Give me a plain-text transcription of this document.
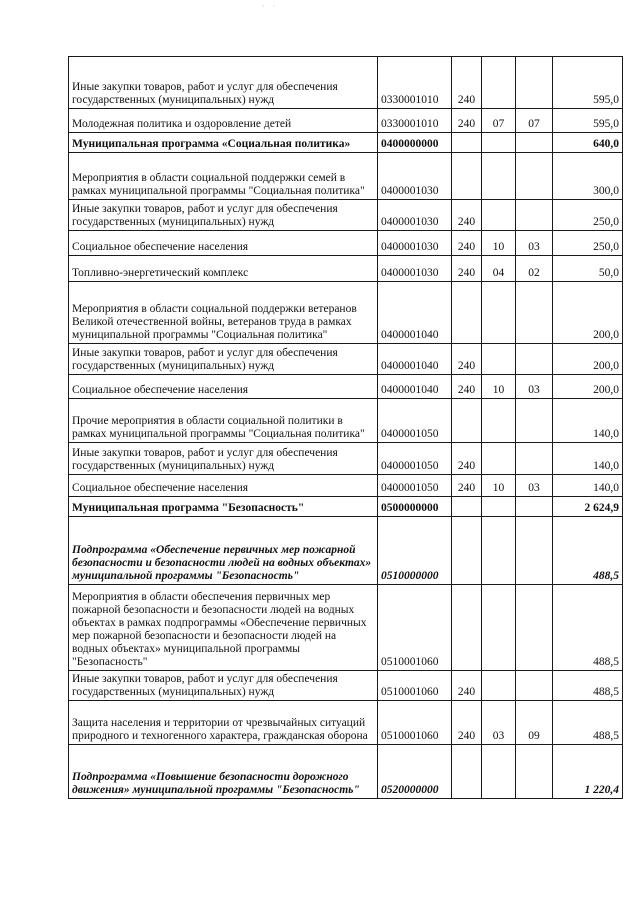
· ·
Иные закупки товаров, работ и услуг для обеспечения государственных (муниципальных) нужд	0330001010	240			595,0
Молодежная политика и оздоровление детей	0330001010	240	07	07	595,0
Муниципальная программа «Социальная политика»	0400000000				640,0
Мероприятия в области социальной поддержки семей в рамках муниципальной программы "Социальная политика"	0400001030				300,0
Иные закупки товаров, работ и услуг для обеспечения государственных (муниципальных) нужд	0400001030	240			250,0
Социальное обеспечение населения	0400001030	240	10	03	250,0
Топливно-энергетический комплекс	0400001030	240	04	02	50,0
Мероприятия в области социальной поддержки ветеранов Великой отечественной войны, ветеранов труда в рамках муниципальной программы "Социальная политика"	0400001040				200,0
Иные закупки товаров, работ и услуг для обеспечения государственных (муниципальных) нужд	0400001040	240			200,0
Социальное обеспечение населения	0400001040	240	10	03	200,0
Прочие мероприятия в области социальной политики в рамках муниципальной программы "Социальная политика"	0400001050				140,0
Иные закупки товаров, работ и услуг для обеспечения государственных (муниципальных) нужд	0400001050	240			140,0
Социальное обеспечение населения	0400001050	240	10	03	140,0
Муниципальная программа "Безопасность"	0500000000				2 624,9
Подпрограмма «Обеспечение первичных мер пожарной безопасности и безопасности людей на водных объектах» муниципальной программы "Безопасность"	0510000000				488,5
Мероприятия в области обеспечения первичных мер пожарной безопасности и безопасности людей на водных объектах в рамках подпрограммы «Обеспечение первичных мер пожарной безопасности и безопасности людей на водных объектах» муниципальной программы "Безопасность"	0510001060				488,5
Иные закупки товаров, работ и услуг для обеспечения государственных (муниципальных) нужд	0510001060	240			488,5
Защита населения и территории от чрезвычайных ситуаций природного и техногенного характера, гражданская оборона	0510001060	240	03	09	488,5
Подпрограмма «Повышение безопасности дорожного движения» муниципальной программы "Безопасность"	0520000000				1 220,4
